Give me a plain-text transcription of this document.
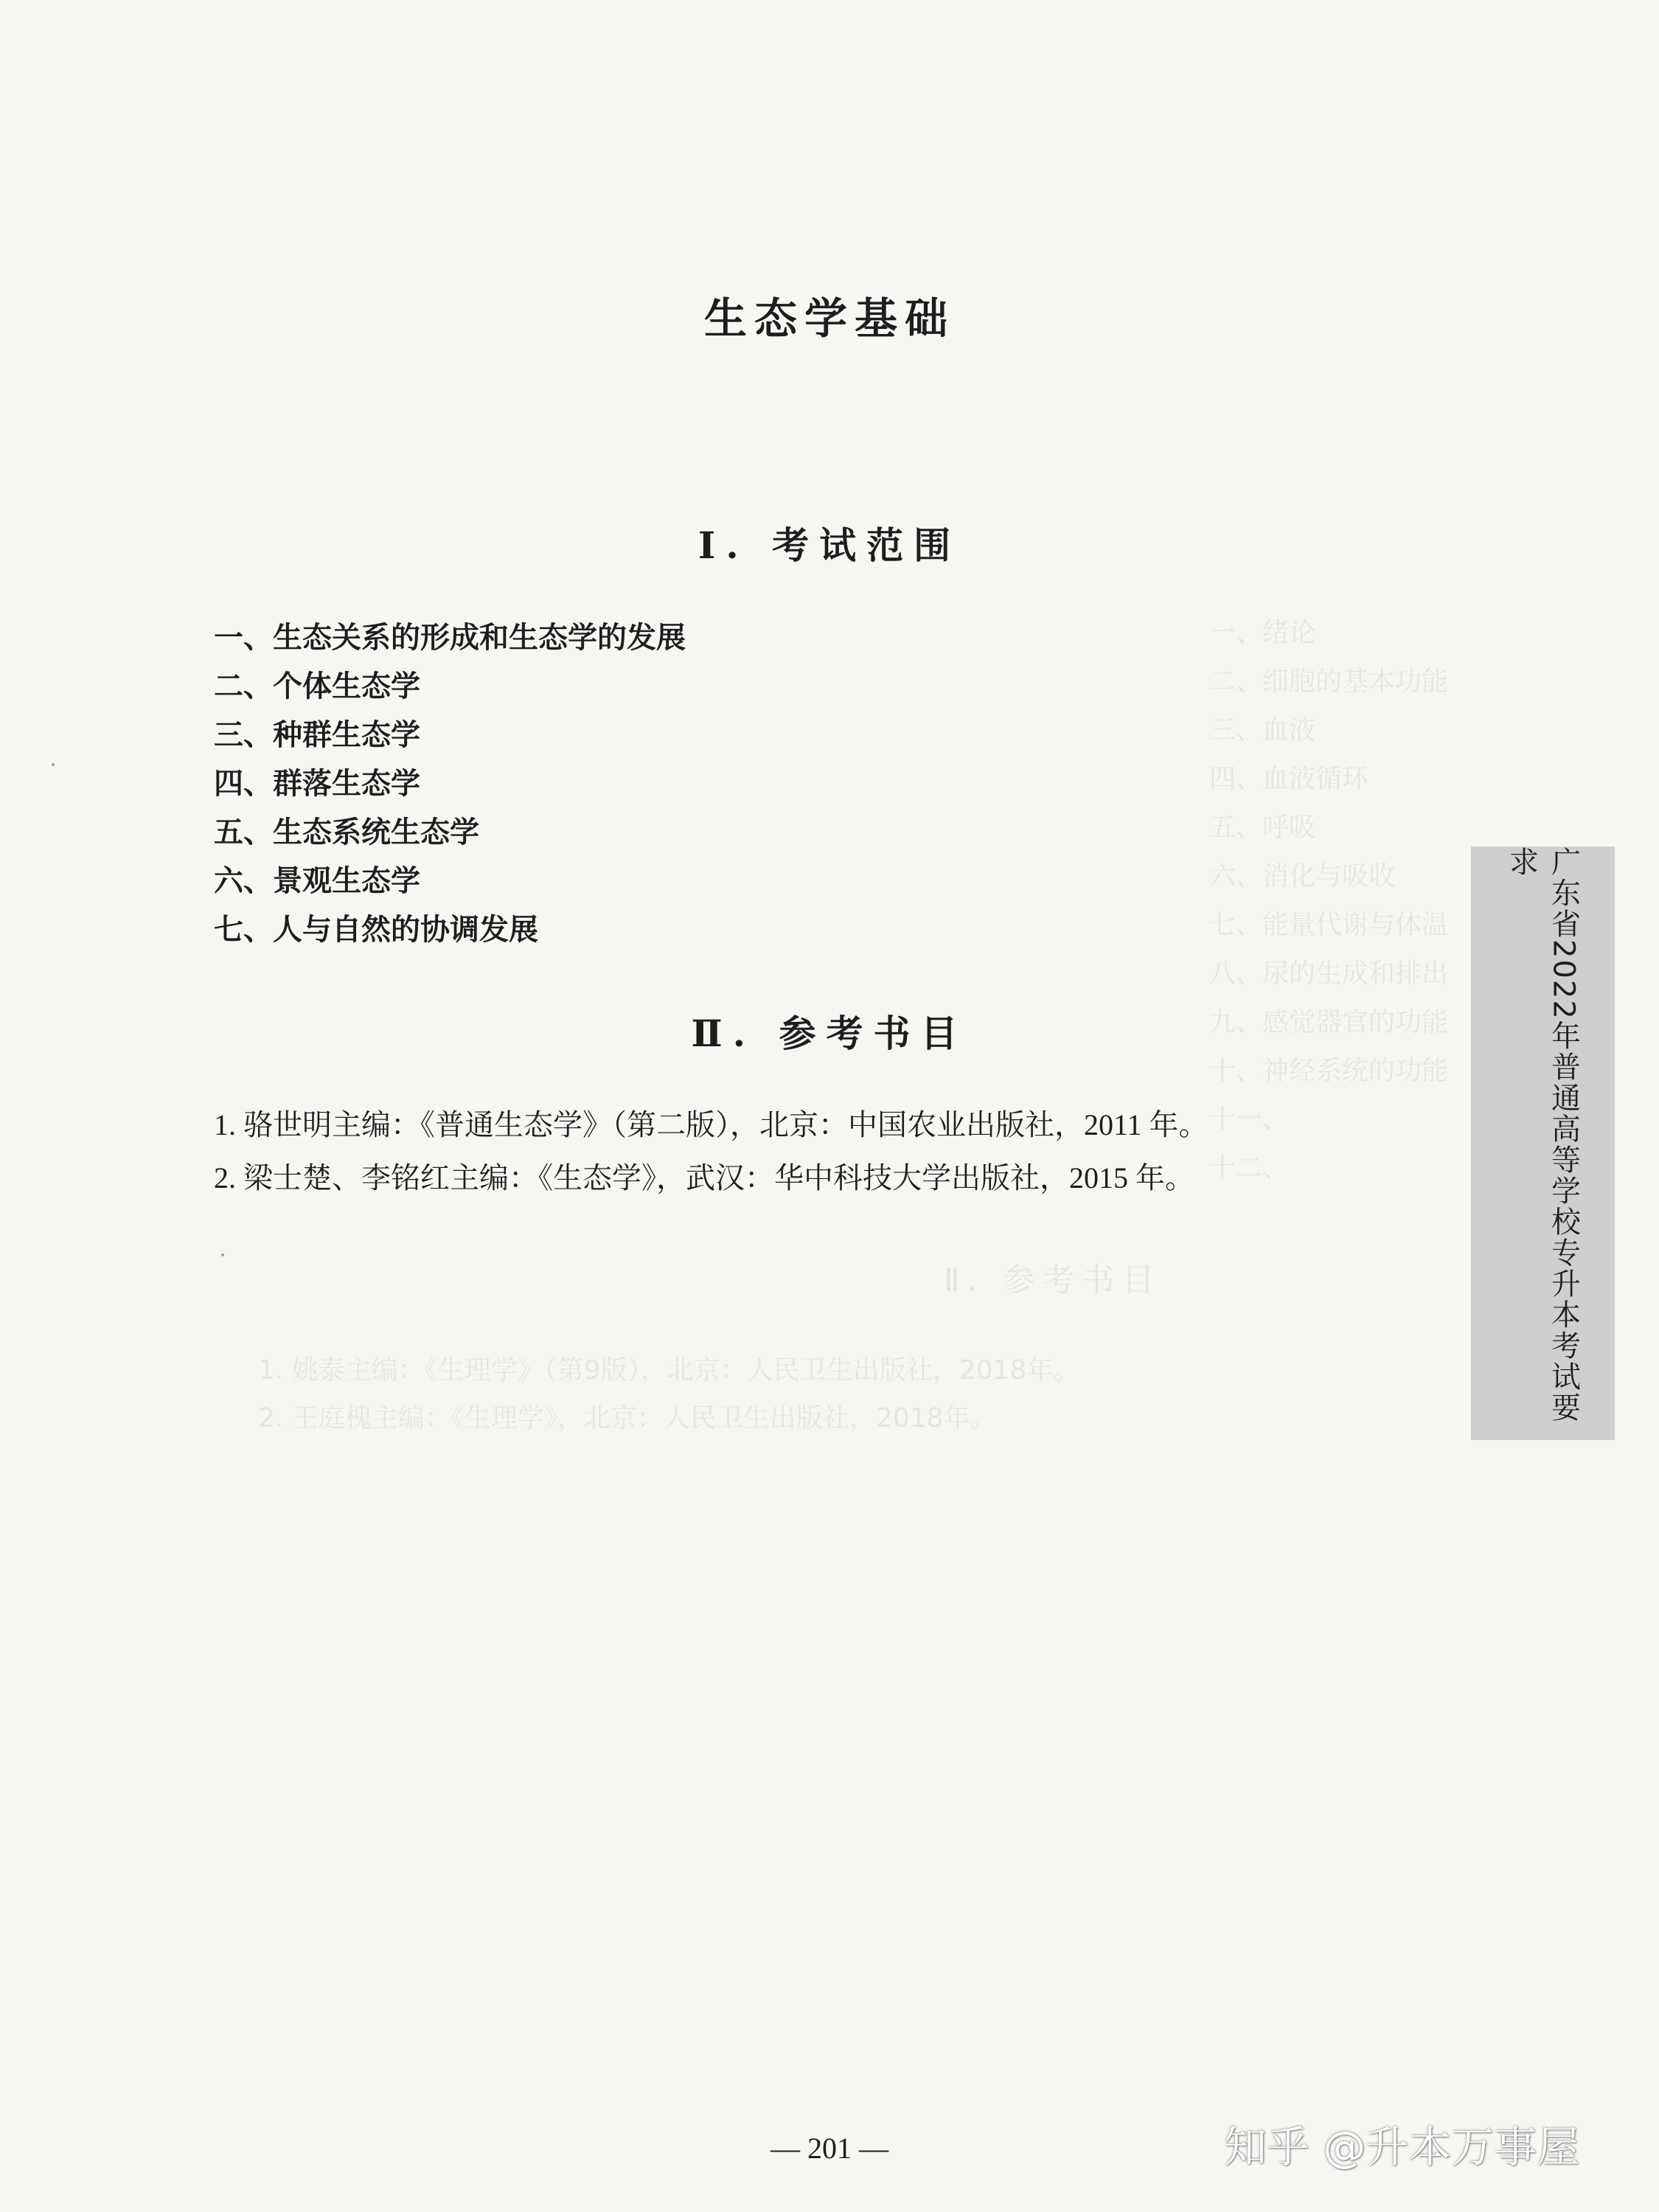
一、绪论
二、细胞的基本功能
三、血液
四、血液循环
五、呼吸
六、消化与吸收
七、能量代谢与体温
八、尿的生成和排出
九、感觉器官的功能
十、神经系统的功能
十一、
十二、
Ⅱ. 参考书目
1. 姚泰主编：《生理学》（第9版），北京：人民卫生出版社，2018年。
2. 王庭槐主编：《生理学》，北京：人民卫生出版社，2018年。
生态学基础
Ⅰ. 考试范围
一、生态关系的形成和生态学的发展
二、个体生态学
三、种群生态学
四、群落生态学
五、生态系统生态学
六、景观生态学
七、人与自然的协调发展
Ⅱ. 参考书目
1. 骆世明主编：《普通生态学》（第二版），北京：中国农业出版社，2011 年。
2. 梁士楚、李铭红主编：《生态学》，武汉：华中科技大学出版社，2015 年。	广东省2022年普通高等学校专升本考试要求
— 201 —	知乎 @升本万事屋
